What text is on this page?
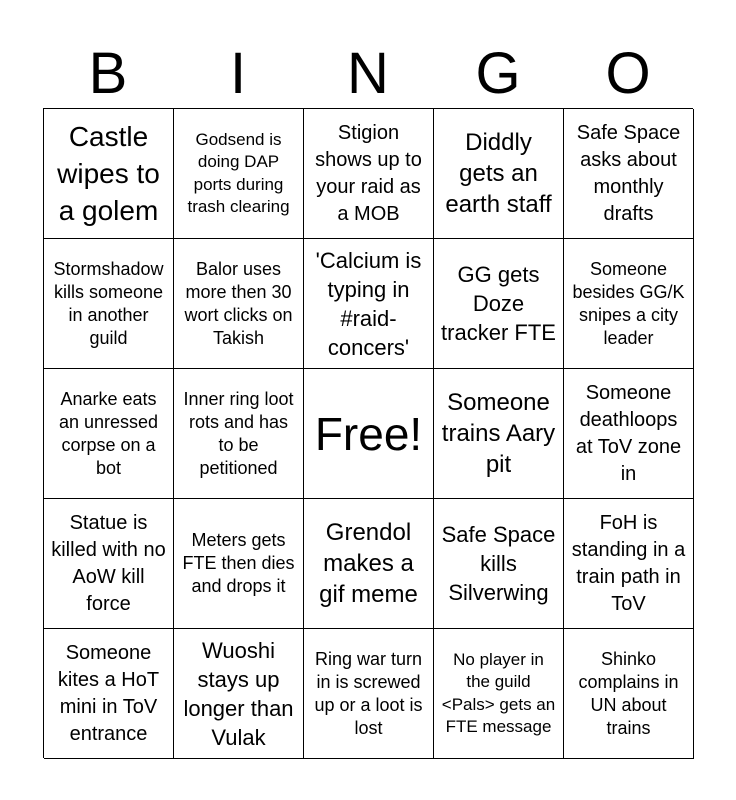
B	I	N	G	O
Castle wipes to a golem
Godsend is doing DAP ports during trash clearing
Stigion shows up to your raid as a MOB
Diddly gets an earth staff
Safe Space asks about monthly drafts
Stormshadow kills someone in another guild
Balor uses more then 30 wort clicks on Takish
'Calcium is typing in #raid-concers'
GG gets Doze tracker FTE
Someone besides GG/K snipes a city leader
Anarke eats an unressed corpse on a bot
Inner ring loot rots and has to be petitioned
Free!
Someone trains Aary pit
Someone deathloops at ToV zone in
Statue is killed with no AoW kill force
Meters gets FTE then dies and drops it
Grendol makes a gif meme
Safe Space kills Silverwing
FoH is standing in a train path in ToV
Someone kites a HoT mini in ToV entrance
Wuoshi stays up longer than Vulak
Ring war turn in is screwed up or a loot is lost
No player in the guild <Pals> gets an FTE message
Shinko complains in UN about trains
